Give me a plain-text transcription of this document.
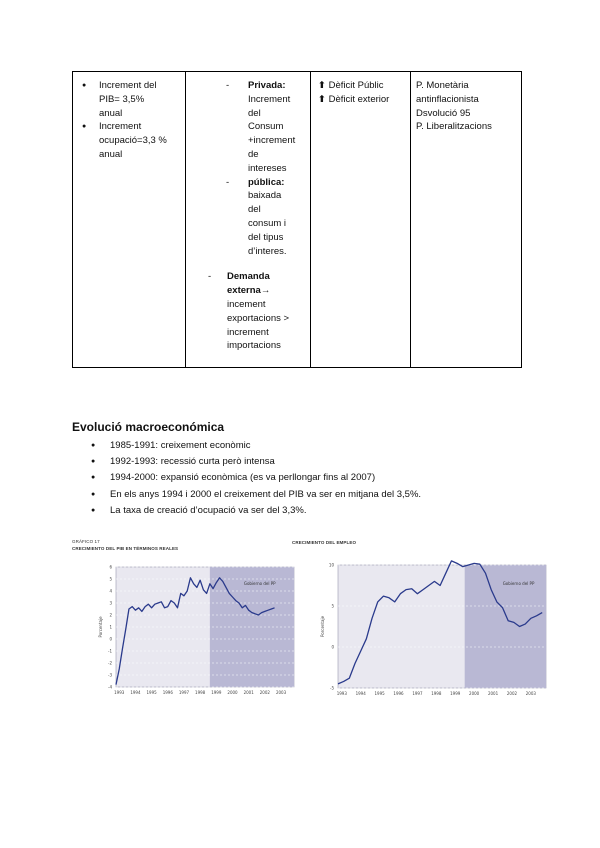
● Increment del PIB= 3,5% anual
● Increment ocupació=3,3 % anual
- Privada: Increment del Consum +increment de intereses
- pública: baixada del consum i del tipus d’interes.
- Demanda externa→ incement exportacions > increment importacions
⬆ Dèficit Públic
⬆ Dèficit exterior
P. Monetària antinflacionista
Dsvolució 95
P. Liberalitzacions
Evolució macroeconómica
● 1985-1991: creixement econòmic
● 1992-1993: recessió curta però intensa
● 1994-2000: expansió econòmica (es va perllongar fins al 2007)
● En els anys 1994 i 2000 el creixement del PIB va ser en mitjana del 3,5%.
● La taxa de creació d’ocupació va ser del 3,3%.
GRÁFICO 17
CRECIMIENTO DEL PIB EN TÉRMINOS REALES
6
5
4
3
2
1
0
-1
-2
-3
-4
1993 1994 1995 1996 1997 1998 1999 2000 2001 2002 2003
Porcentaje
Gobierno del PP
CRECIMIENTO DEL EMPLEO
10
5
0
-5
1993 1994 1995 1996 1997 1998 1999 2000 2001 2002 2003
Porcentaje
Gobierno del PP
